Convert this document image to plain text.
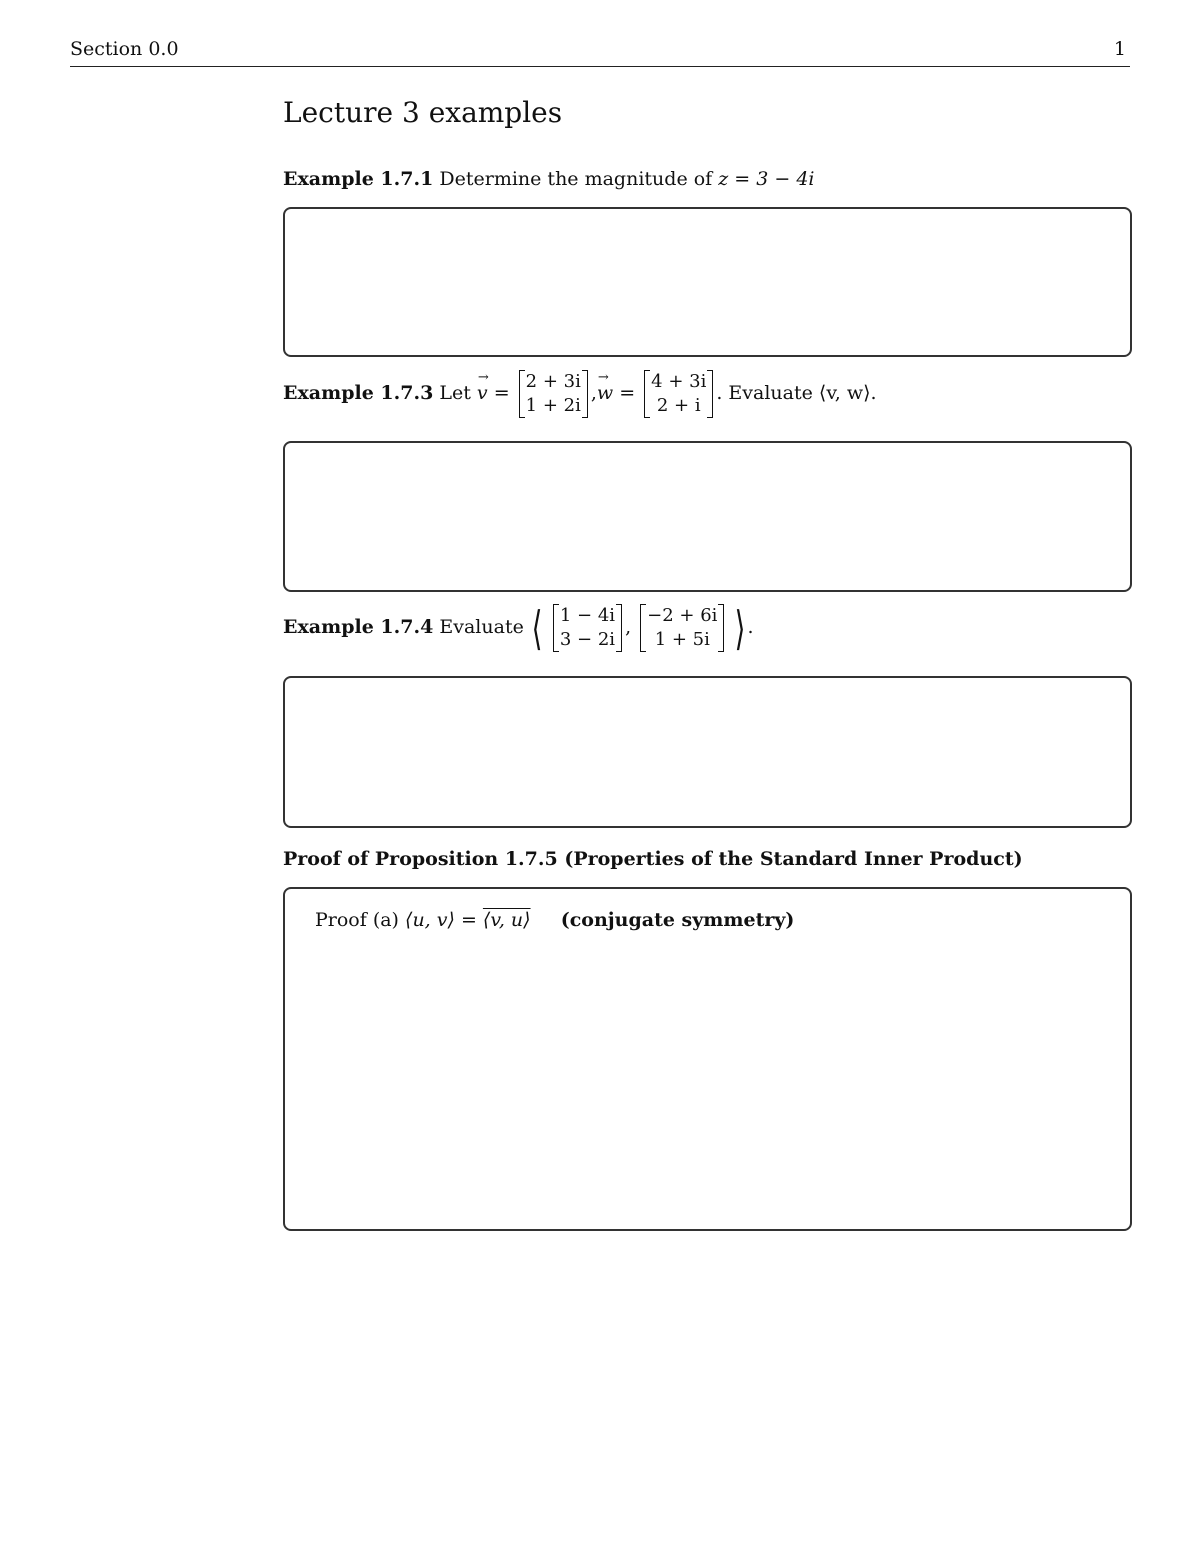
Section 0.0	1
Lecture 3 examples
Example 1.7.1 Determine the magnitude of z = 3 − 4i
Example 1.7.3 Let → v =
2 + 3i
1 + 2i
,→ w =
4 + 3i
2 + i
. Evaluate ⟨v, w⟩.
Example 1.7.4 Evaluate ⟨ 1 − 4i
3 − 2i
,
−2 + 6i
1 + 5i ⟩.
Proof of Proposition 1.7.5 (Properties of the Standard Inner Product)
Proof (a) ⟨u, v⟩ = ⟨v, u⟩ (conjugate symmetry)
